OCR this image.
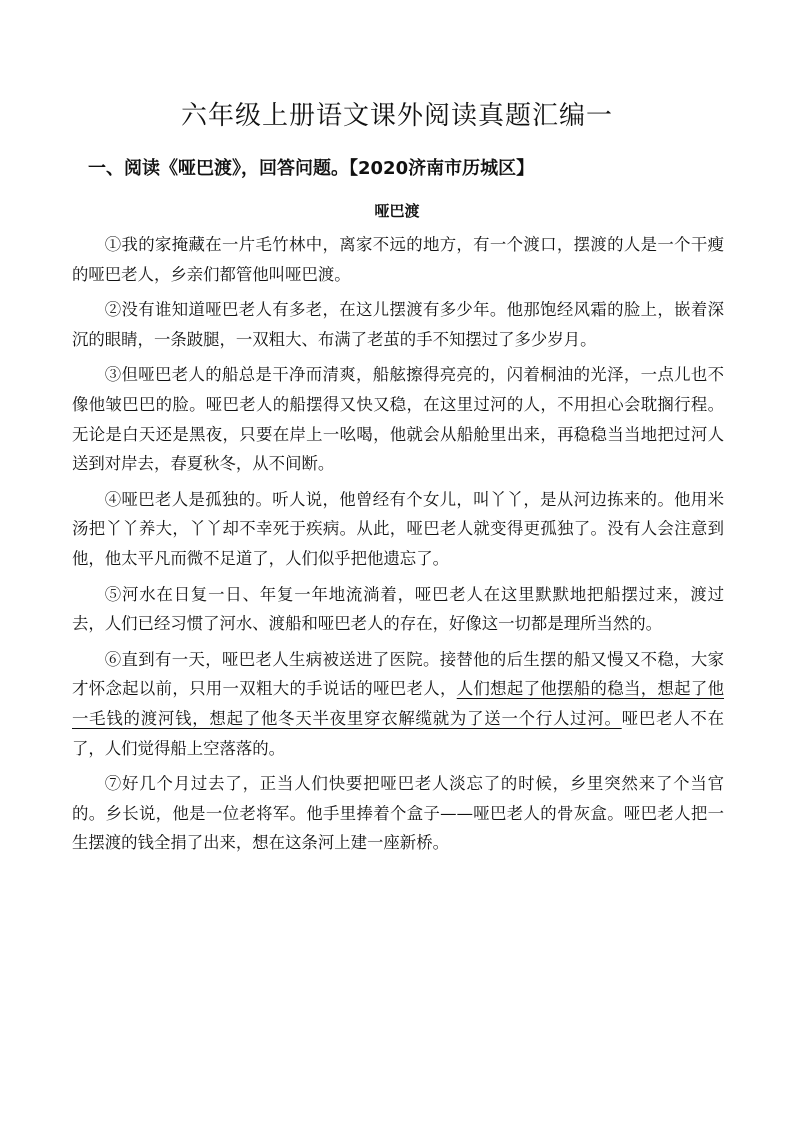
六年级上册语文课外阅读真题汇编一
一、阅读《哑巴渡》，回答问题。【2020济南市历城区】
哑巴渡

①我的家掩藏在一片毛竹林中，离家不远的地方，有一个渡口，摆渡的人是一个干瘦的哑巴老人，乡亲们都管他叫哑巴渡。

②没有谁知道哑巴老人有多老，在这儿摆渡有多少年。他那饱经风霜的脸上，嵌着深沉的眼睛，一条跛腿，一双粗大、布满了老茧的手不知摆过了多少岁月。

③但哑巴老人的船总是干净而清爽，船舷擦得亮亮的，闪着桐油的光泽，一点儿也不像他皱巴巴的脸。哑巴老人的船摆得又快又稳，在这里过河的人，不用担心会耽搁行程。无论是白天还是黑夜，只要在岸上一吆喝，他就会从船舱里出来，再稳稳当当地把过河人送到对岸去，春夏秋冬，从不间断。

④哑巴老人是孤独的。听人说，他曾经有个女儿，叫丫丫，是从河边拣来的。他用米汤把丫丫养大，丫丫却不幸死于疾病。从此，哑巴老人就变得更孤独了。没有人会注意到他，他太平凡而微不足道了，人们似乎把他遗忘了。

⑤河水在日复一日、年复一年地流淌着，哑巴老人在这里默默地把船摆过来，渡过去，人们已经习惯了河水、渡船和哑巴老人的存在，好像这一切都是理所当然的。

⑥直到有一天，哑巴老人生病被送进了医院。接替他的后生摆的船又慢又不稳，大家才怀念起以前，只用一双粗大的手说话的哑巴老人，人们想起了他摆船的稳当，想起了他一毛钱的渡河钱，想起了他冬天半夜里穿衣解缆就为了送一个行人过河。哑巴老人不在了，人们觉得船上空落落的。

⑦好几个月过去了，正当人们快要把哑巴老人淡忘了的时候，乡里突然来了个当官的。乡长说，他是一位老将军。他手里捧着个盒子——哑巴老人的骨灰盒。哑巴老人把一生摆渡的钱全捐了出来，想在这条河上建一座新桥。
